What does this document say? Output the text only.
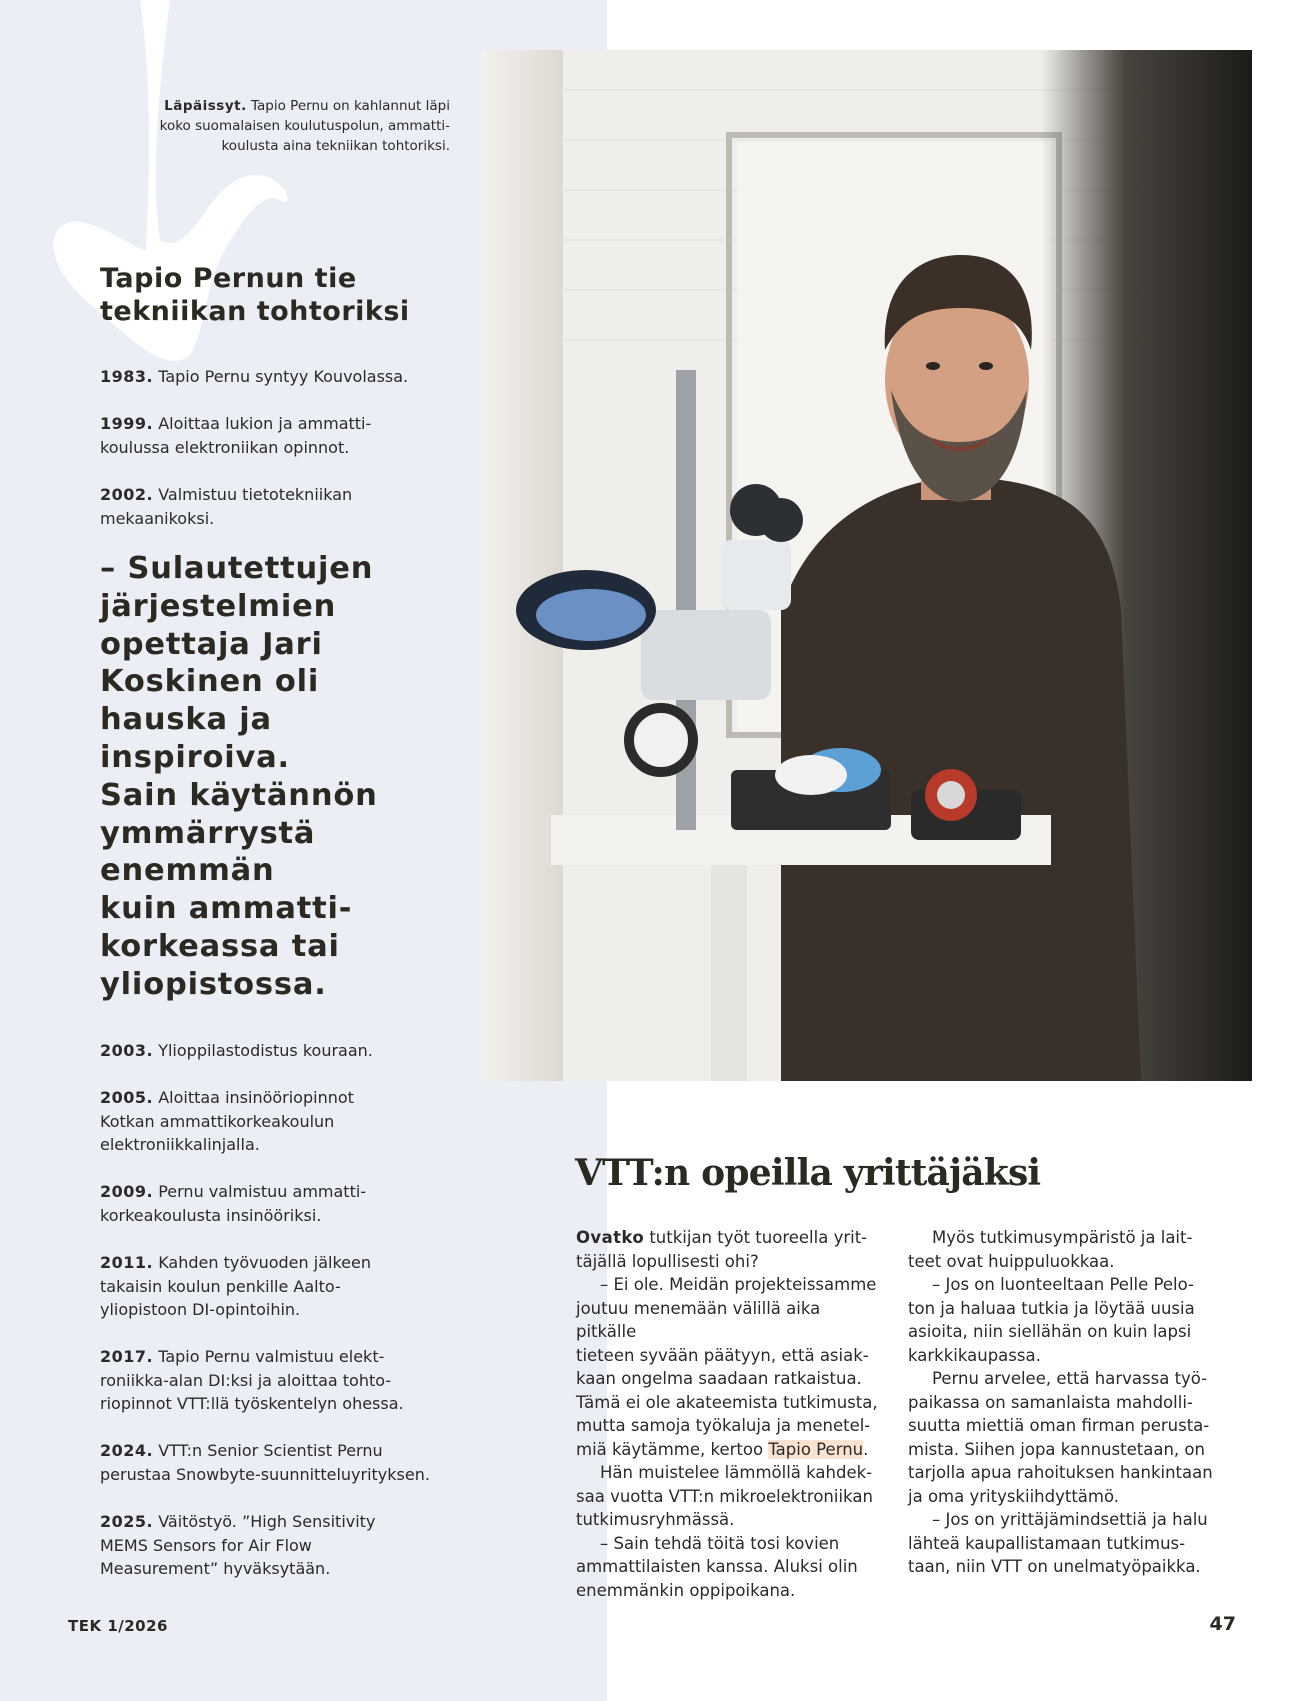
Läpäissyt. Tapio Pernu on kahlannut läpi
koko suomalaisen koulutuspolun, ammatti-
koulusta aina tekniikan tohtoriksi.
Tapio Pernun tie
tekniikan tohtoriksi
1983. Tapio Pernu syntyy Kouvolassa.
1999. Aloittaa lukion ja ammatti-
koulussa elektroniikan opinnot.
2002. Valmistuu tietotekniikan
mekaanikoksi.
– Sulautettujen
järjestelmien
opettaja Jari
Koskinen oli
hauska ja
inspiroiva.
Sain käytännön
ymmärrystä
enemmän
kuin ammatti-
korkeassa tai
yliopistossa.
2003. Ylioppilastodistus kouraan.
2005. Aloittaa insinööriopinnot
Kotkan ammattikorkeakoulun
elektroniikkalinjalla.
2009. Pernu valmistuu ammatti-
korkeakoulusta insinööriksi.
2011. Kahden työvuoden jälkeen
takaisin koulun penkille Aalto-
yliopistoon DI-opintoihin.
2017. Tapio Pernu valmistuu elekt-
roniikka-alan DI:ksi ja aloittaa tohto-
riopinnot VTT:llä työskentelyn ohessa.
2024. VTT:n Senior Scientist Pernu
perustaa Snowbyte-suunnitteluyrityksen.
2025. Väitöstyö. ”High Sensitivity
MEMS Sensors for Air Flow
Measurement” hyväksytään.
VTT:n opeilla yrittäjäksi

Ovatko tutkijan työt tuoreella yrit-

täjällä lopullisesti ohi?

– Ei ole. Meidän projekteissamme

joutuu menemään välillä aika pitkälle

tieteen syvään päätyyn, että asiak-

kaan ongelma saadaan ratkaistua.

Tämä ei ole akateemista tutkimusta,

mutta samoja työkaluja ja menetel-

miä käytämme, kertoo Tapio Pernu.

Hän muistelee lämmöllä kahdek-

saa vuotta VTT:n mikroelektroniikan

tutkimusryhmässä.

– Sain tehdä töitä tosi kovien

ammattilaisten kanssa. Aluksi olin

enemmänkin oppipoikana.

Myös tutkimusympäristö ja lait-

teet ovat huippuluokkaa.

– Jos on luonteeltaan Pelle Pelo-

ton ja haluaa tutkia ja löytää uusia

asioita, niin siellähän on kuin lapsi

karkkikaupassa.

Pernu arvelee, että harvassa työ-

paikassa on samanlaista mahdolli-

suutta miettiä oman firman perusta-

mista. Siihen jopa kannustetaan, on

tarjolla apua rahoituksen hankintaan

ja oma yrityskiihdyttämö.

– Jos on yrittäjämindsettiä ja halu

lähteä kaupallistamaan tutkimus-

taan, niin VTT on unelmatyöpaikka.

TEK 1/2026	47
